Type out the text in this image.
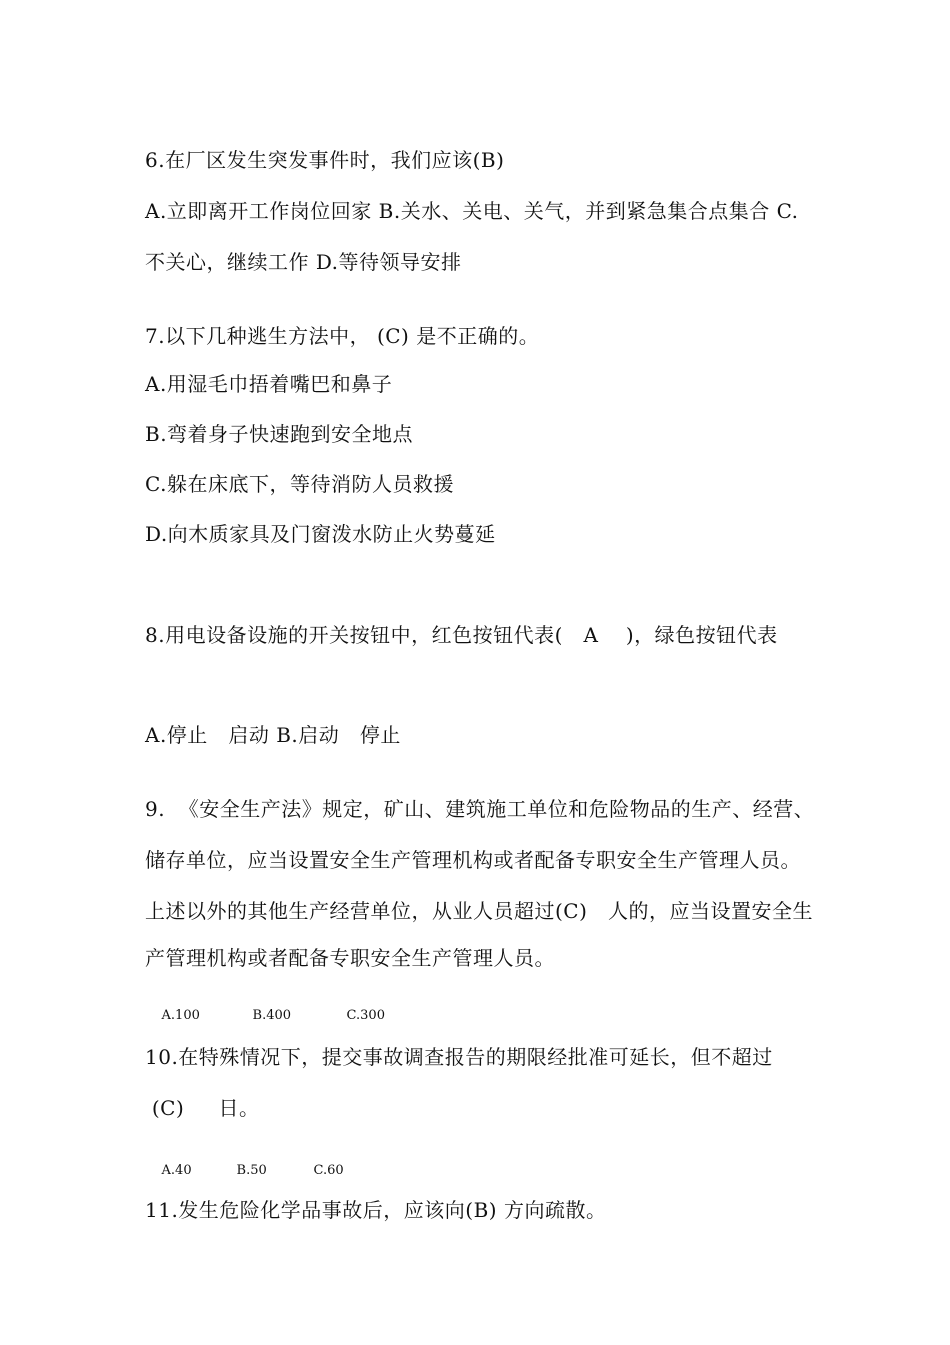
6.在厂区发生突发事件时，我们应该(B)
A.立即离开工作岗位回家 B.关水、关电、关气，并到紧急集合点集合 C.
不关心，继续工作 D.等待领导安排
7.以下几种逃生方法中， (C) 是不正确的。
A.用湿毛巾捂着嘴巴和鼻子
B.弯着身子快速跑到安全地点
C.躲在床底下，等待消防人员救援
D.向木质家具及门窗泼水防止火势蔓延
8.用电设备设施的开关按钮中，红色按钮代表(   A    )，绿色按钮代表
A.停止   启动 B.启动   停止
9.  《安全生产法》规定，矿山、建筑施工单位和危险物品的生产、经营、
储存单位，应当设置安全生产管理机构或者配备专职安全生产管理人员。
上述以外的其他生产经营单位，从业人员超过(C)   人的，应当设置安全生
产管理机构或者配备专职安全生产管理人员。

A.100	B.400	C.300

10.在特殊情况下，提交事故调查报告的期限经批准可延长，但不超过
(C)     日。

A.40	B.50	C.60

11.发生危险化学品事故后，应该向(B) 方向疏散。
